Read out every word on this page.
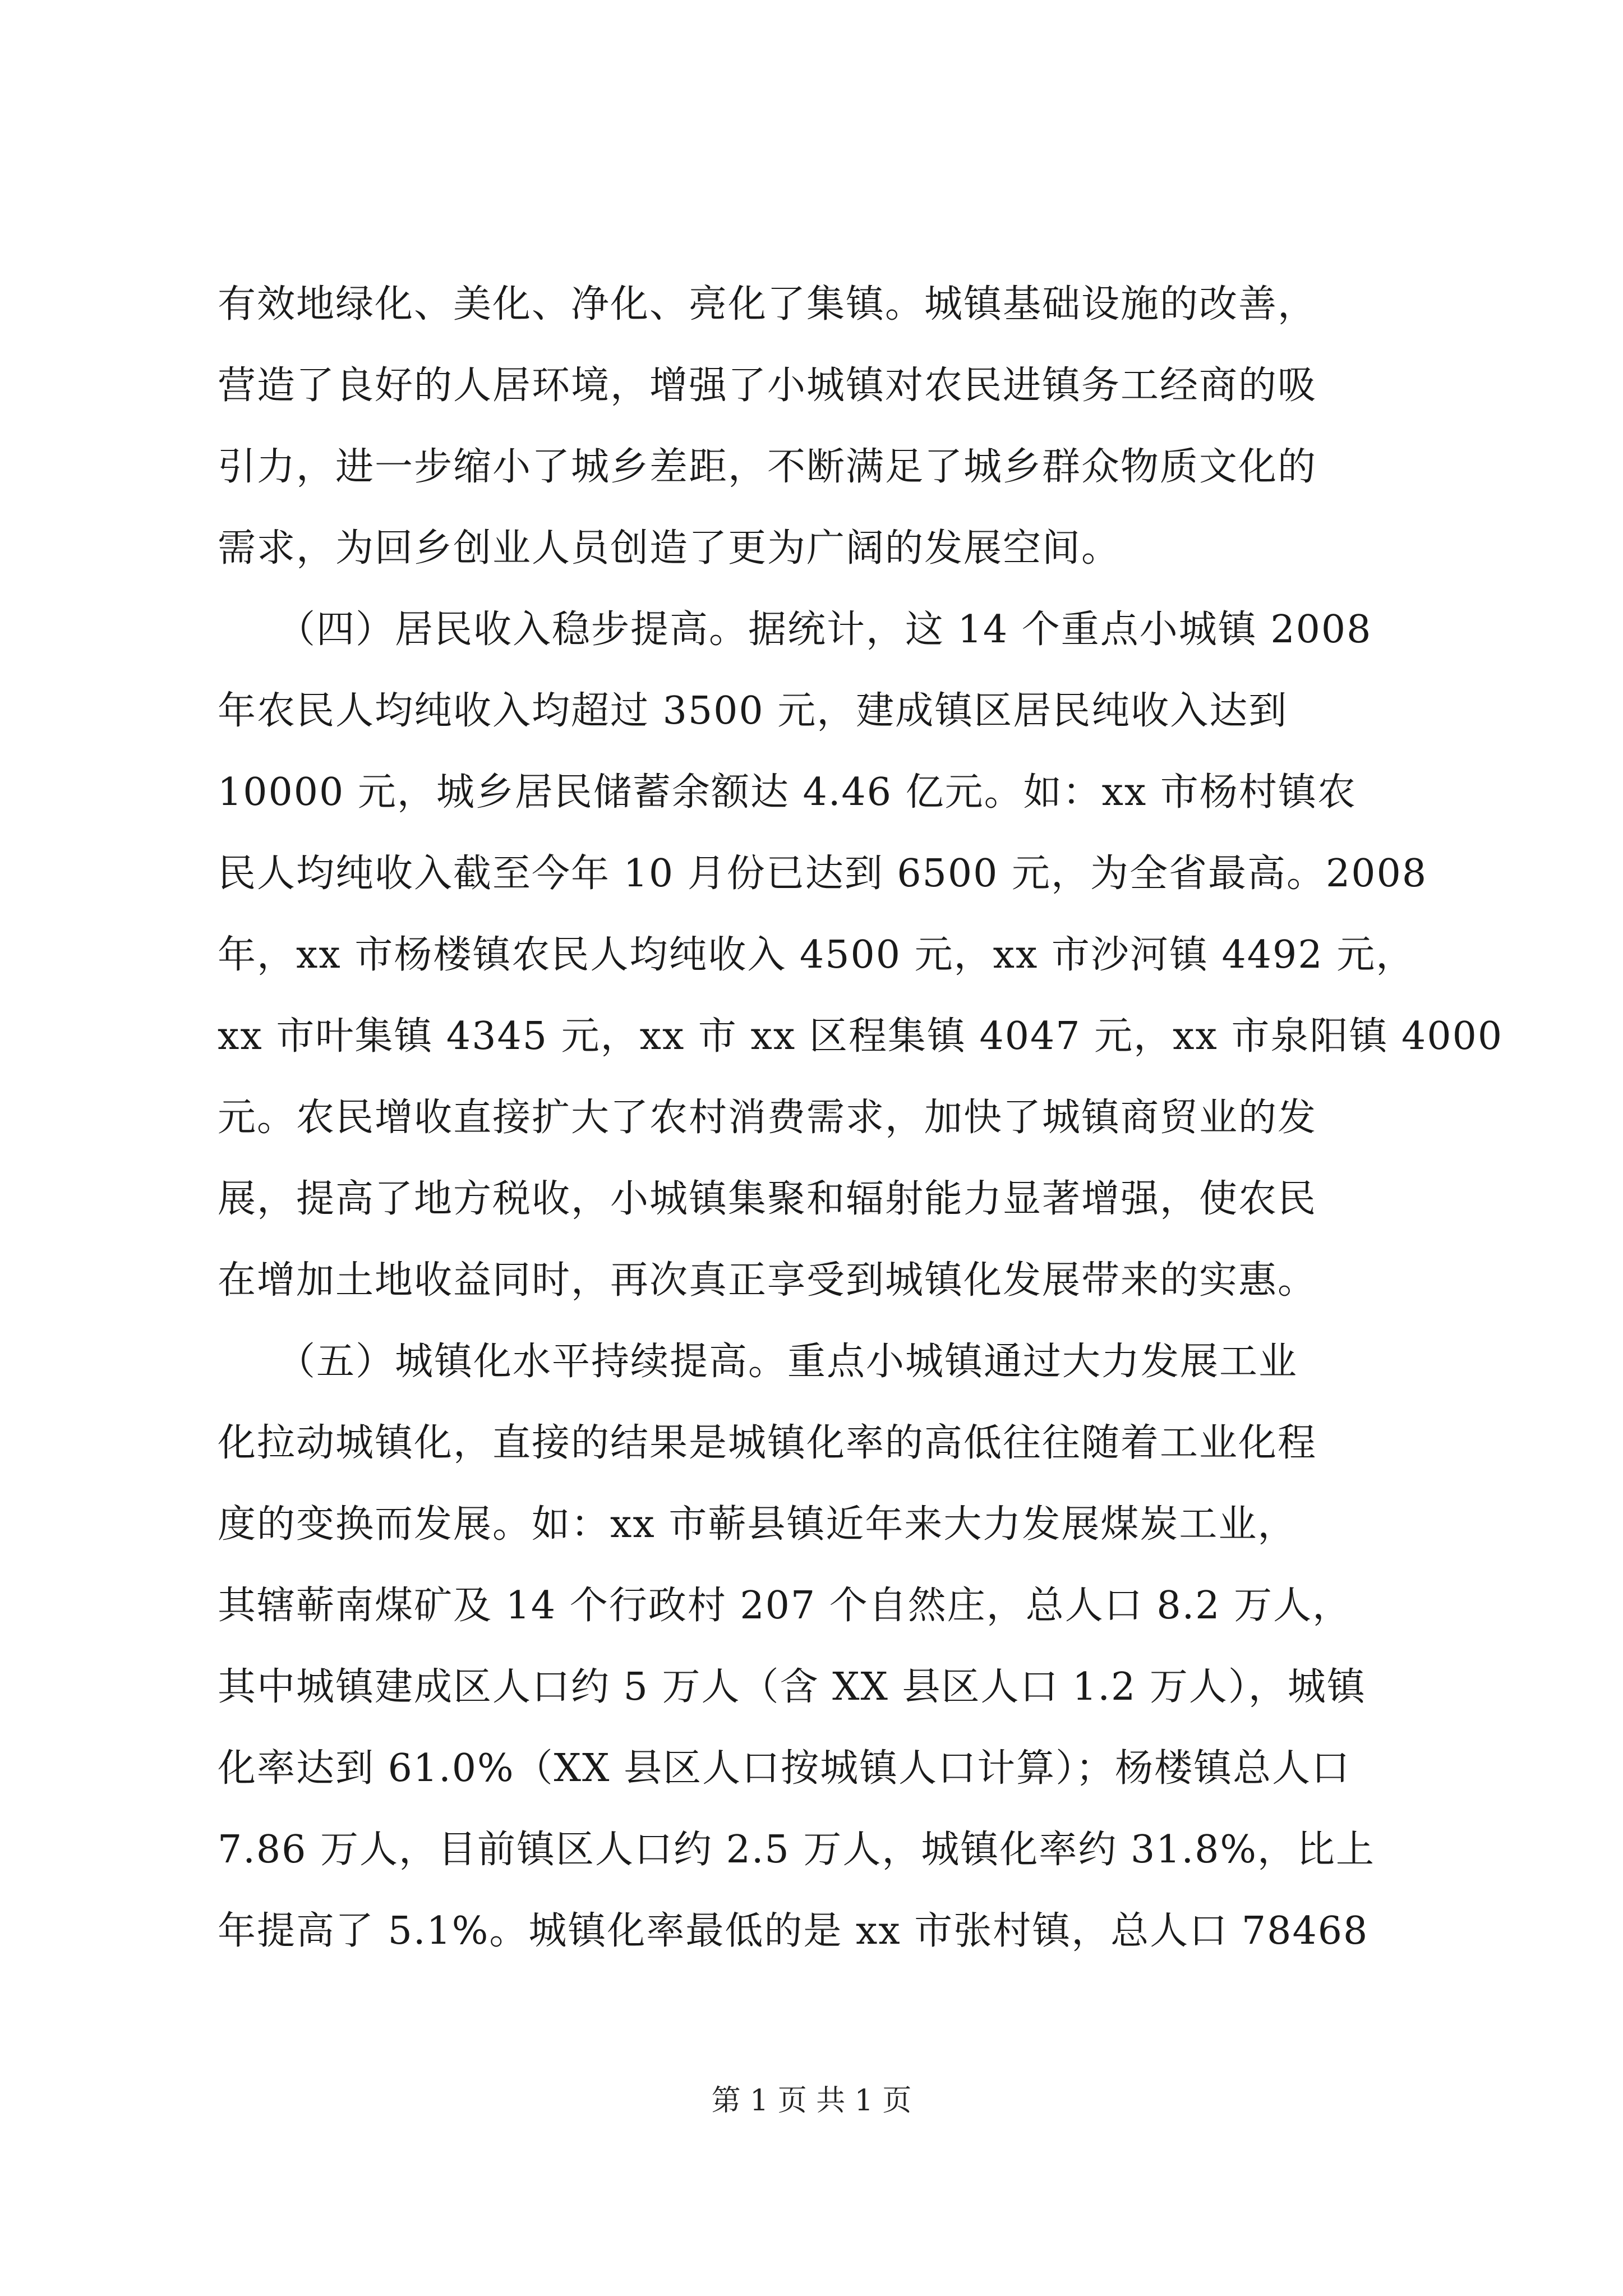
有效地绿化、美化、净化、亮化了集镇。城镇基础设施的改善，
营造了良好的人居环境，增强了小城镇对农民进镇务工经商的吸
引力，进一步缩小了城乡差距，不断满足了城乡群众物质文化的
需求，为回乡创业人员创造了更为广阔的发展空间。
　　（四）居民收入稳步提高。据统计，这 14 个重点小城镇 2008
年农民人均纯收入均超过 3500 元，建成镇区居民纯收入达到
10000 元，城乡居民储蓄余额达 4.46 亿元。如：xx 市杨村镇农
民人均纯收入截至今年 10 月份已达到 6500 元，为全省最高。2008
年，xx 市杨楼镇农民人均纯收入 4500 元，xx 市沙河镇 4492 元，
xx 市叶集镇 4345 元，xx 市 xx 区程集镇 4047 元，xx 市泉阳镇 4000
元。农民增收直接扩大了农村消费需求，加快了城镇商贸业的发
展，提高了地方税收，小城镇集聚和辐射能力显著增强，使农民
在增加土地收益同时，再次真正享受到城镇化发展带来的实惠。
　　（五）城镇化水平持续提高。重点小城镇通过大力发展工业
化拉动城镇化，直接的结果是城镇化率的高低往往随着工业化程
度的变换而发展。如：xx 市蕲县镇近年来大力发展煤炭工业，
其辖蕲南煤矿及 14 个行政村 207 个自然庄，总人口 8.2 万人，
其中城镇建成区人口约 5 万人（含 XX 县区人口 1.2 万人），城镇
化率达到 61.0%（XX 县区人口按城镇人口计算）；杨楼镇总人口
7.86 万人，目前镇区人口约 2.5 万人，城镇化率约 31.8%，比上
年提高了 5.1%。城镇化率最低的是 xx 市张村镇，总人口 78468
第 1 页 共 1 页
